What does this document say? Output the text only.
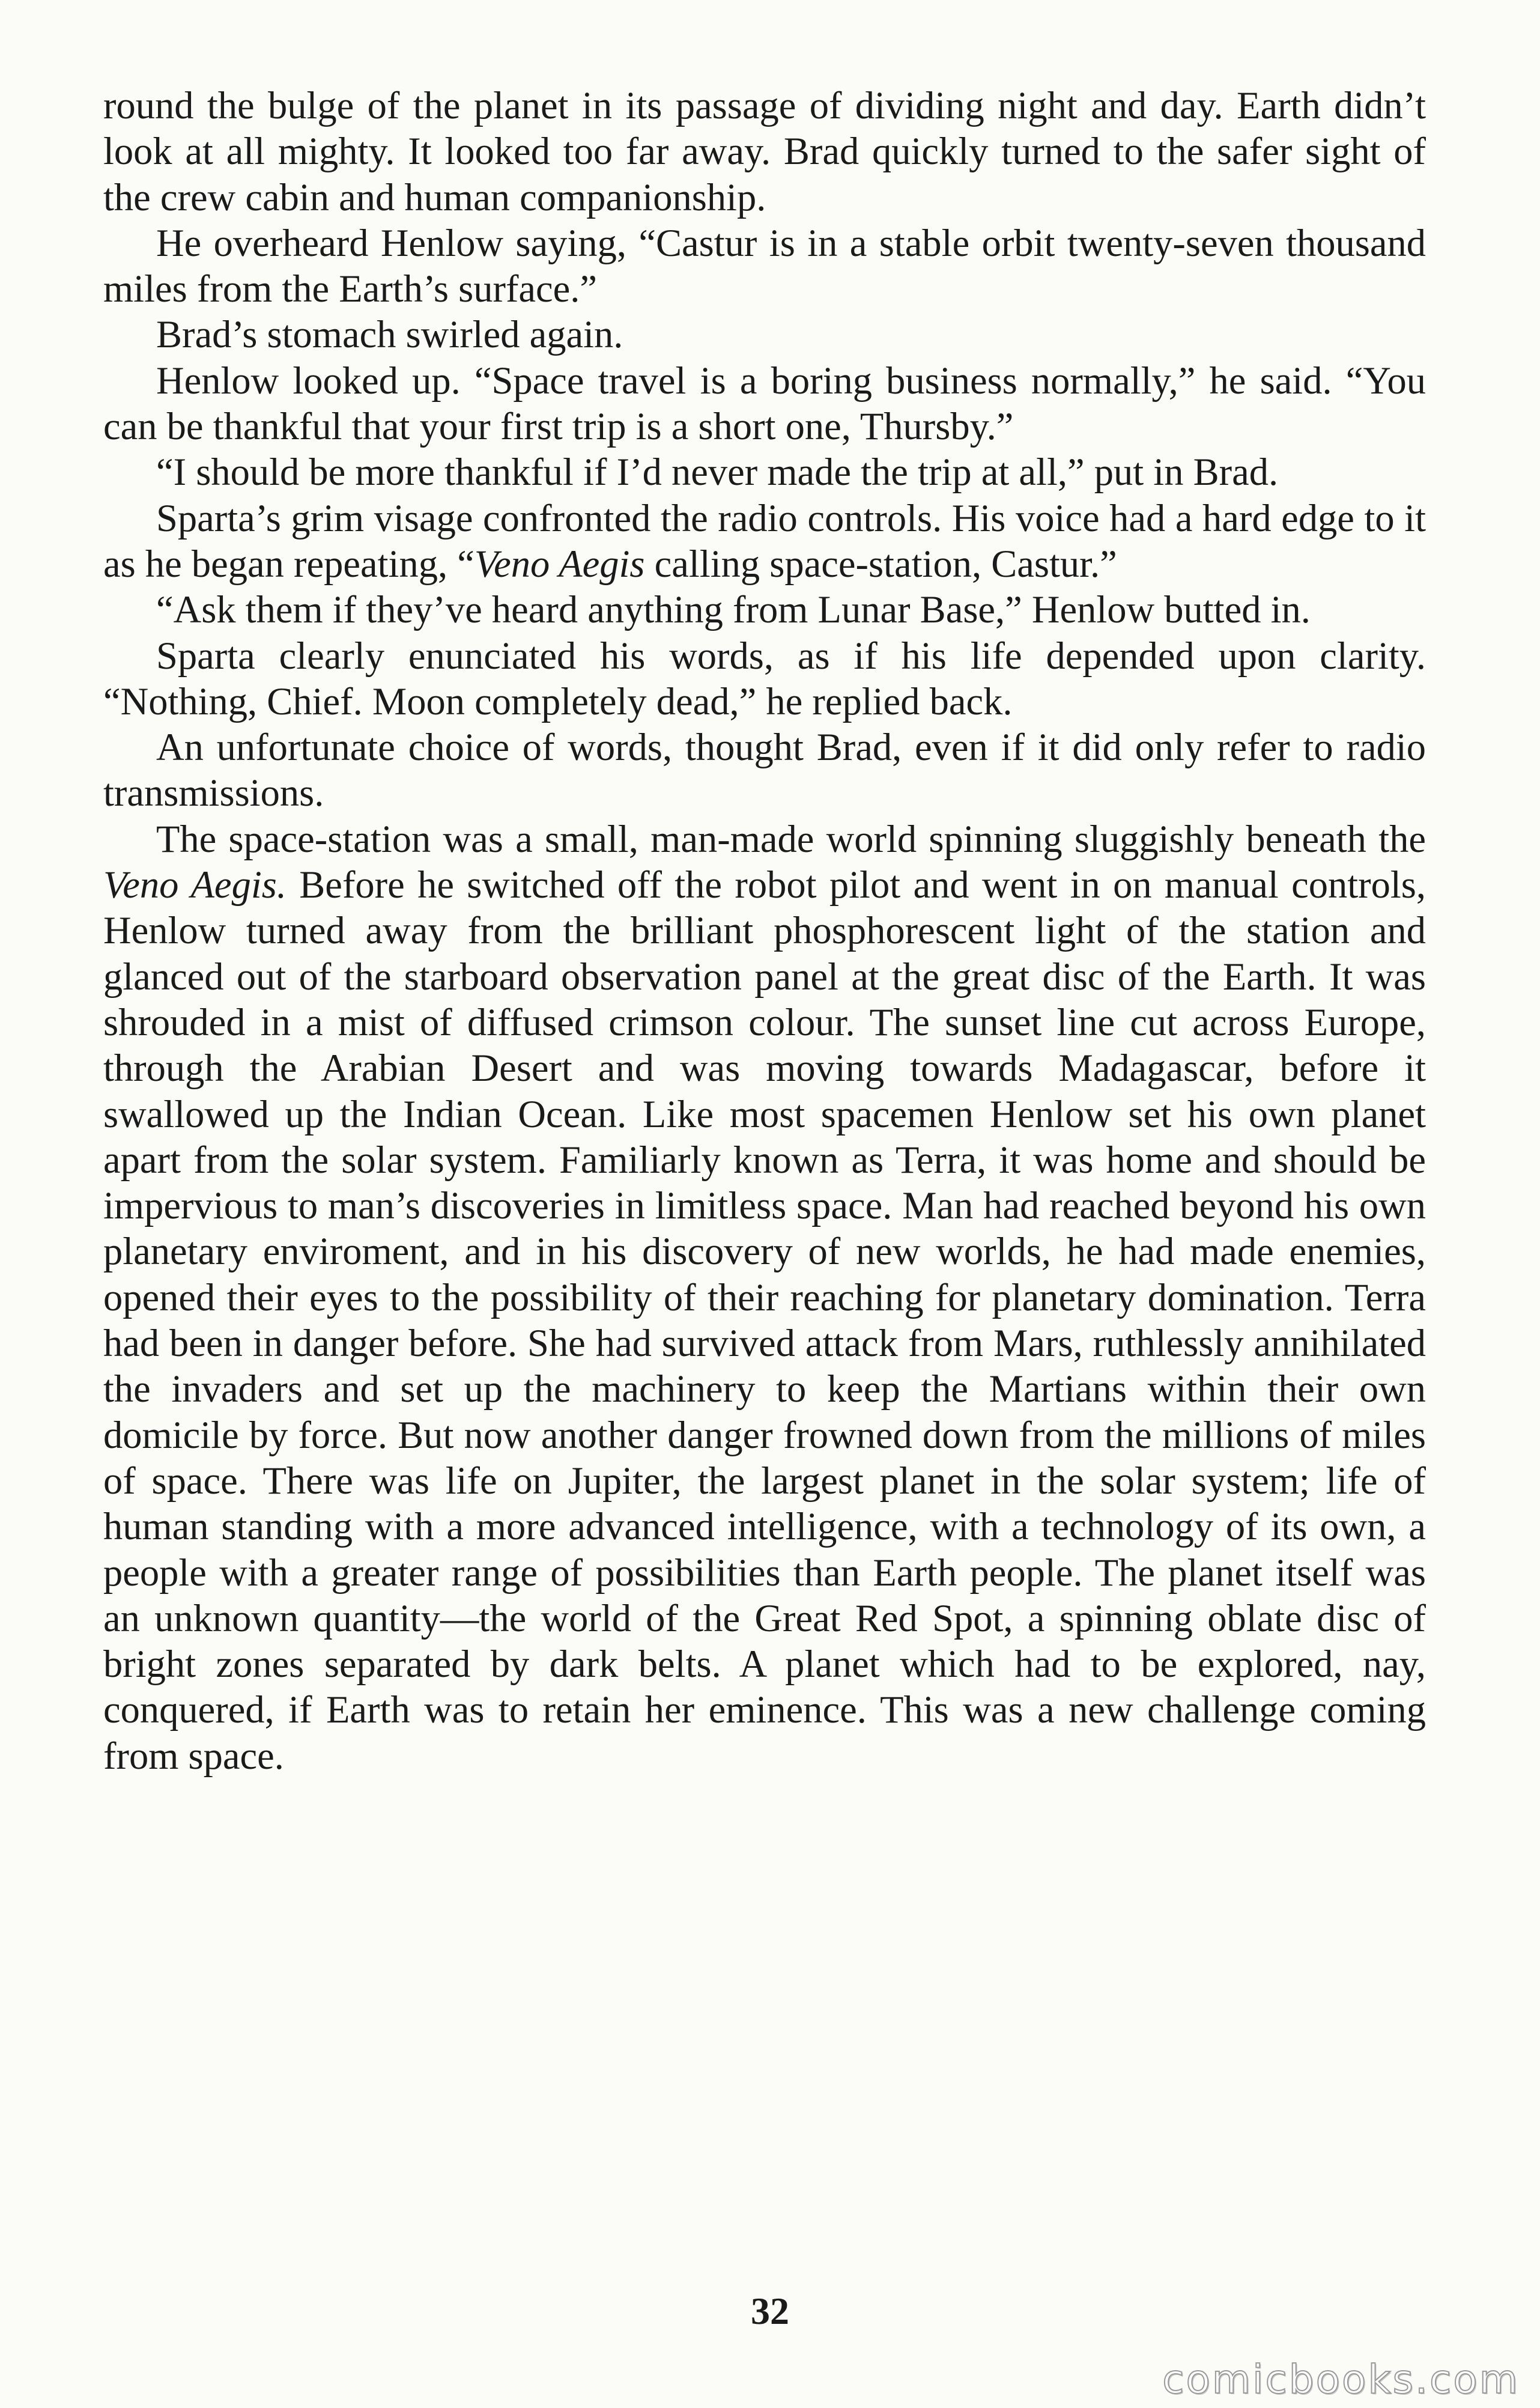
round the bulge of the planet in its passage of dividing night and day. Earth didn’t look at all mighty. It looked too far away. Brad quickly turned to the safer sight of the crew cabin and human companionship.

He overheard Henlow saying, “Castur is in a stable orbit twenty-seven thousand miles from the Earth’s surface.”

Brad’s stomach swirled again.

Henlow looked up. “Space travel is a boring business normally,” he said. “You can be thankful that your first trip is a short one, Thursby.”

“I should be more thankful if I’d never made the trip at all,” put in Brad.

Sparta’s grim visage confronted the radio controls. His voice had a hard edge to it as he began repeating, “Veno Aegis calling space-station, Castur.”

“Ask them if they’ve heard anything from Lunar Base,” Henlow butted in.

Sparta clearly enunciated his words, as if his life depended upon clarity. “Nothing, Chief. Moon completely dead,” he replied back.

An unfortunate choice of words, thought Brad, even if it did only refer to radio transmissions.

The space-station was a small, man-made world spinning sluggishly beneath the Veno Aegis. Before he switched off the robot pilot and went in on manual controls, Henlow turned away from the brilliant phosphorescent light of the station and glanced out of the starboard observation panel at the great disc of the Earth. It was shrouded in a mist of diffused crimson colour. The sunset line cut across Europe, through the Arabian Desert and was moving towards Madagascar, before it swallowed up the Indian Ocean. Like most spacemen Henlow set his own planet apart from the solar system. Familiarly known as Terra, it was home and should be impervious to man’s discoveries in limitless space. Man had reached beyond his own planetary enviroment, and in his discovery of new worlds, he had made enemies, opened their eyes to the possibility of their reaching for planetary domination. Terra had been in danger before. She had survived attack from Mars, ruthlessly annihilated the invaders and set up the machinery to keep the Martians within their own domicile by force. But now another danger frowned down from the millions of miles of space. There was life on Jupiter, the largest planet in the solar system; life of human standing with a more advanced intelligence, with a technology of its own, a people with a greater range of possibilities than Earth people. The planet itself was an unknown quantity—the world of the Great Red Spot, a spinning oblate disc of bright zones separated by dark belts. A planet which had to be explored, nay, conquered, if Earth was to retain her eminence. This was a new challenge coming from space.

32
comicbooks.com
